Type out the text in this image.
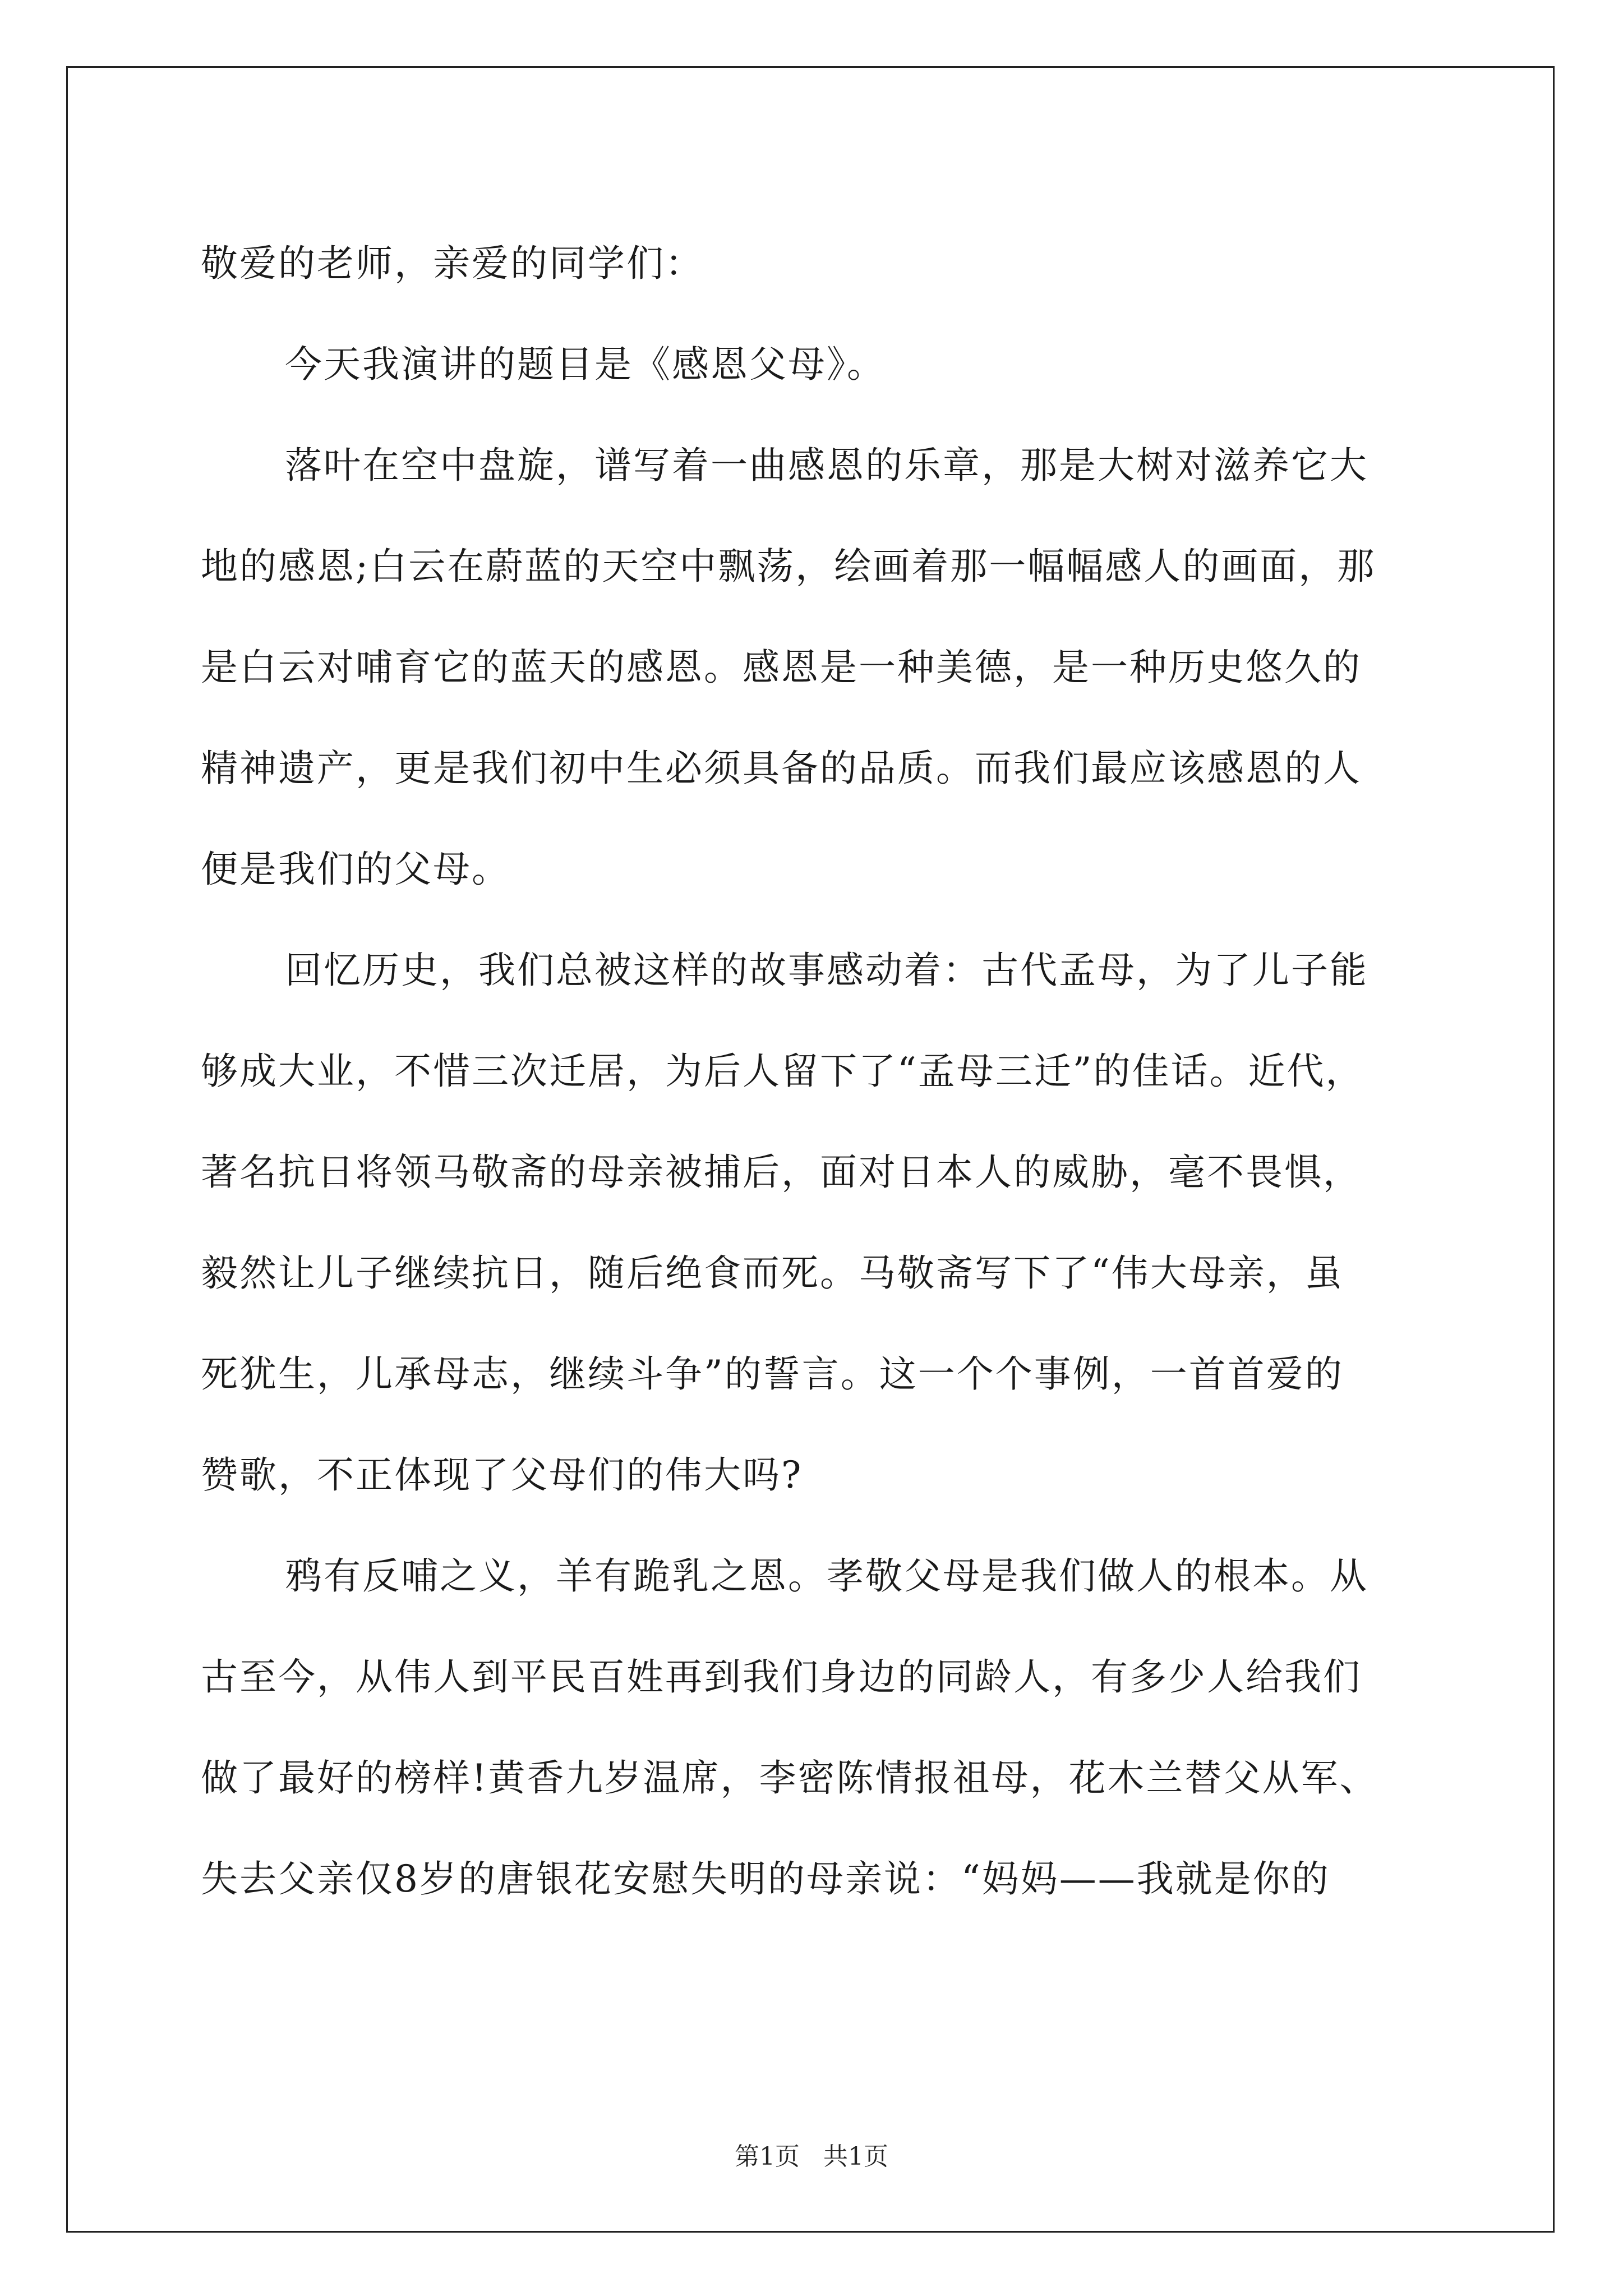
敬爱的老师，亲爱的同学们：
今天我演讲的题目是《感恩父母》。
落叶在空中盘旋，谱写着一曲感恩的乐章，那是大树对滋养它大
地的感恩;白云在蔚蓝的天空中飘荡，绘画着那一幅幅感人的画面，那
是白云对哺育它的蓝天的感恩。感恩是一种美德，是一种历史悠久的
精神遗产，更是我们初中生必须具备的品质。而我们最应该感恩的人
便是我们的父母。
回忆历史，我们总被这样的故事感动着：古代孟母，为了儿子能
够成大业，不惜三次迁居，为后人留下了“孟母三迁”的佳话。近代，
著名抗日将领马敬斋的母亲被捕后，面对日本人的威胁，毫不畏惧，
毅然让儿子继续抗日，随后绝食而死。马敬斋写下了“伟大母亲，虽
死犹生，儿承母志，继续斗争”的誓言。这一个个事例，一首首爱的
赞歌，不正体现了父母们的伟大吗?
鸦有反哺之义，羊有跪乳之恩。孝敬父母是我们做人的根本。从
古至今，从伟人到平民百姓再到我们身边的同龄人，有多少人给我们
做了最好的榜样!黄香九岁温席，李密陈情报祖母，花木兰替父从军、
失去父亲仅8岁的唐银花安慰失明的母亲说：“妈妈——我就是你的
第1页   共1页
